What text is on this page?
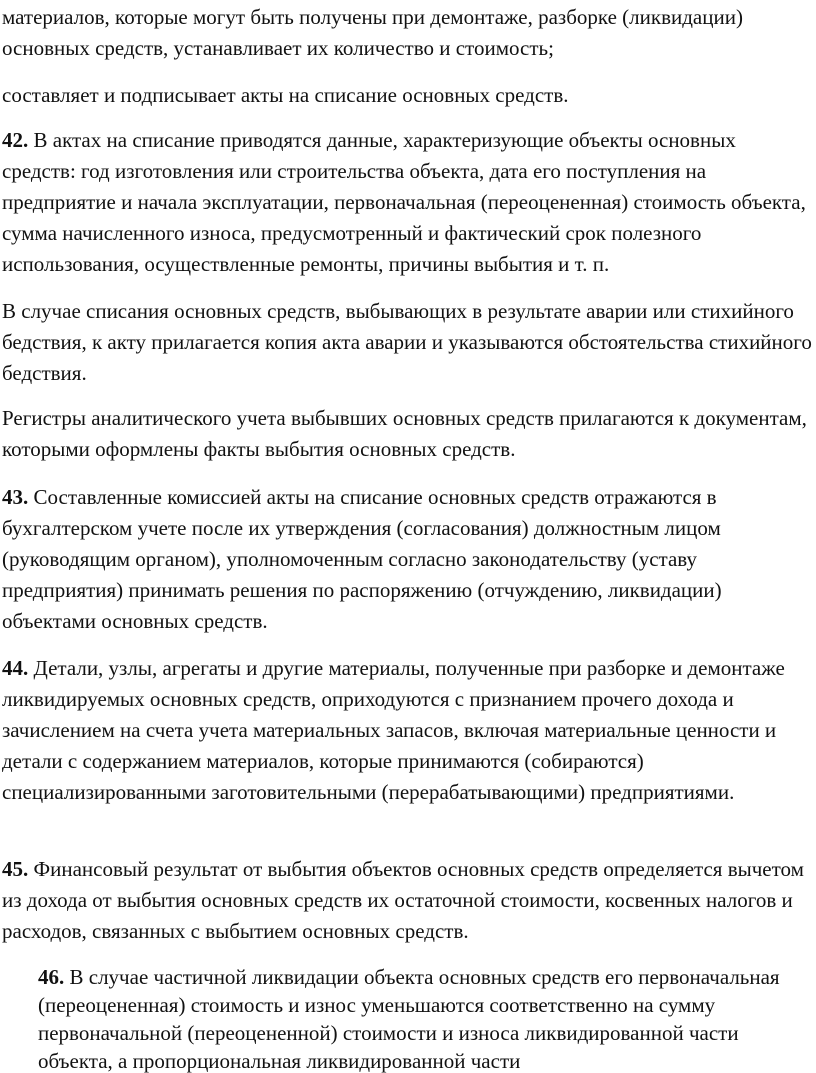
материалов, которые могут быть получены при демонтаже, разборке (ликвидации) основных средств, устанавливает их количество и стоимость;

составляет и подписывает акты на списание основных средств.

42. В актах на списание приводятся данные, характеризующие объекты основных средств: год изготовления или строительства объекта, дата его поступления на предприятие и начала эксплуатации, первоначальная (переоцененная) стоимость объекта, сумма начисленного износа, предусмотренный и фактический срок полезного использования, осуществленные ремонты, причины выбытия и т. п.

В случае списания основных средств, выбывающих в результате аварии или стихийного бедствия, к акту прилагается копия акта аварии и указываются обстоятельства стихийного бедствия.

Регистры аналитического учета выбывших основных средств прилагаются к документам, которыми оформлены факты выбытия основных средств.

43. Составленные комиссией акты на списание основных средств отражаются в бухгалтерском учете после их утверждения (согласования) должностным лицом (руководящим органом), уполномоченным согласно законодательству (уставу предприятия) принимать решения по распоряжению (отчуждению, ликвидации) объектами основных средств.

44. Детали, узлы, агрегаты и другие материалы, полученные при разборке и демонтаже ликвидируемых основных средств, оприходуются с признанием прочего дохода и зачислением на счета учета материальных запасов, включая материальные ценности и детали с содержанием материалов, которые принимаются (собираются) специализированными заготовительными (перерабатывающими) предприятиями.

45. Финансовый результат от выбытия объектов основных средств определяется вычетом из дохода от выбытия основных средств их остаточной стоимости, косвенных налогов и расходов, связанных с выбытием основных средств.

46. В случае частичной ликвидации объекта основных средств его первоначальная (переоцененная) стоимость и износ уменьшаются соответственно на сумму первоначальной (переоцененной) стоимости и износа ликвидированной части объекта, а пропорциональная ликвидированной части
